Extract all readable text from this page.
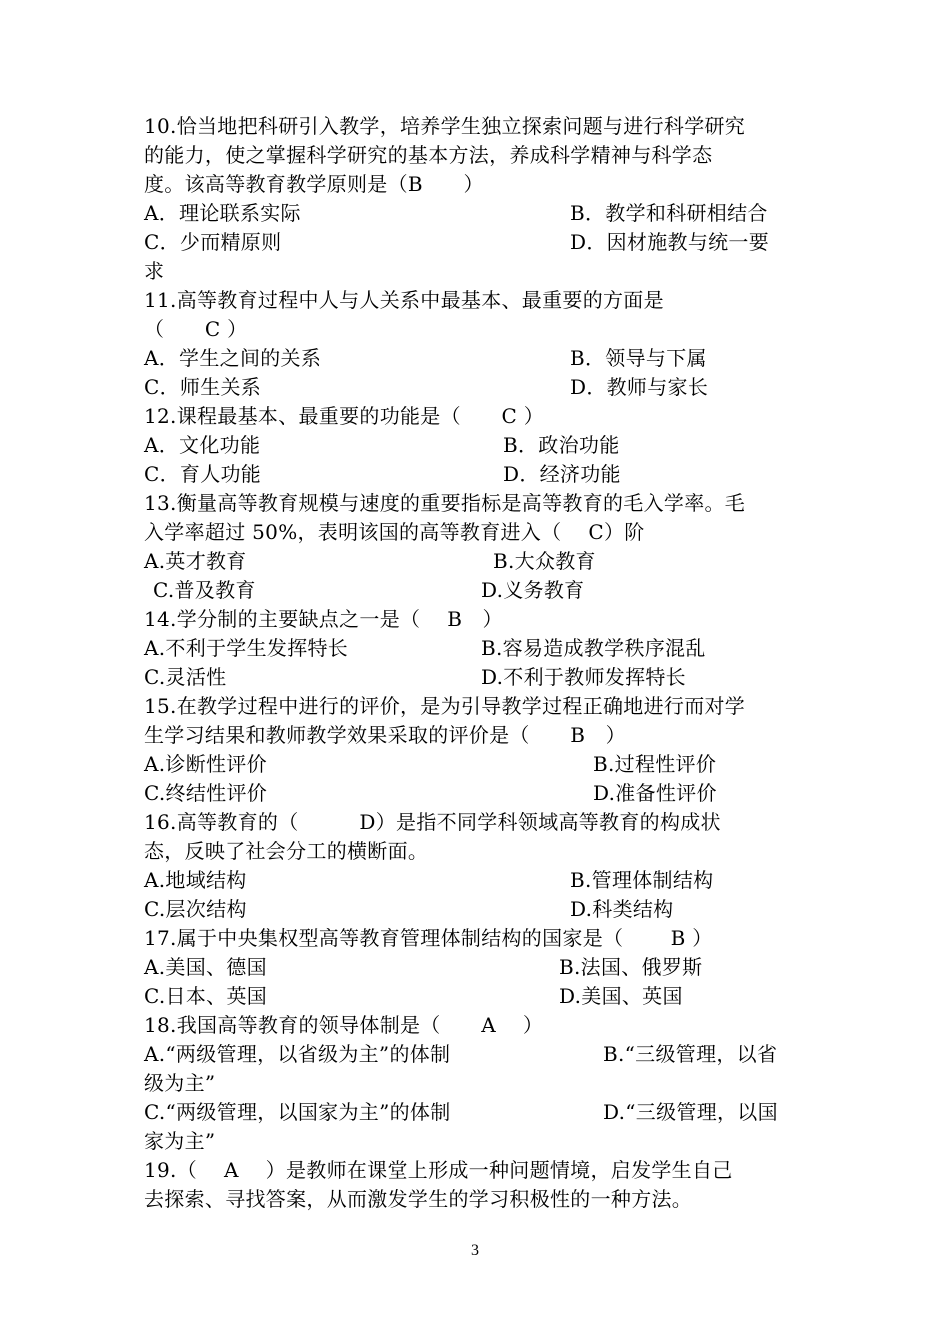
10.恰当地把科研引入教学，培养学生独立探索问题与进行科学研究
的能力，使之掌握科学研究的基本方法，养成科学精神与科学态
度。该高等教育教学原则是（B　　）
A．理论联系实际	B．教学和科研相结合
C．少而精原则	D．因材施教与统一要
求
11.高等教育过程中人与人关系中最基本、最重要的方面是
（　　C ）
A．学生之间的关系	B．领导与下属
C．师生关系	D．教师与家长
12.课程最基本、最重要的功能是（　　C ）
A．文化功能	B．政治功能
C．育人功能	D．经济功能
13.衡量高等教育规模与速度的重要指标是高等教育的毛入学率。毛
入学率超过 50%，表明该国的高等教育进入（　 C）阶
A.英才教育	B.大众教育
C.普及教育	D.义务教育
14.学分制的主要缺点之一是（　 B　）
A.不利于学生发挥特长	B.容易造成教学秩序混乱
C.灵活性	D.不利于教师发挥特长
15.在教学过程中进行的评价，是为引导教学过程正确地进行而对学
生学习结果和教师教学效果采取的评价是（　　B　）
A.诊断性评价	B.过程性评价
C.终结性评价	D.准备性评价
16.高等教育的（　　　D）是指不同学科领域高等教育的构成状
态，反映了社会分工的横断面。
A.地域结构	B.管理体制结构
C.层次结构	D.科类结构
17.属于中央集权型高等教育管理体制结构的国家是（　　 B ）
A.美国、德国	B.法国、俄罗斯
C.日本、英国	D.美国、英国
18.我国高等教育的领导体制是（　　A　 ）
A.“两级管理，以省级为主”的体制	B.“三级管理，以省
级为主”
C.“两级管理，以国家为主”的体制	D.“三级管理，以国
家为主”
19.（　 A　 ）是教师在课堂上形成一种问题情境，启发学生自己
去探索、寻找答案，从而激发学生的学习积极性的一种方法。
3
